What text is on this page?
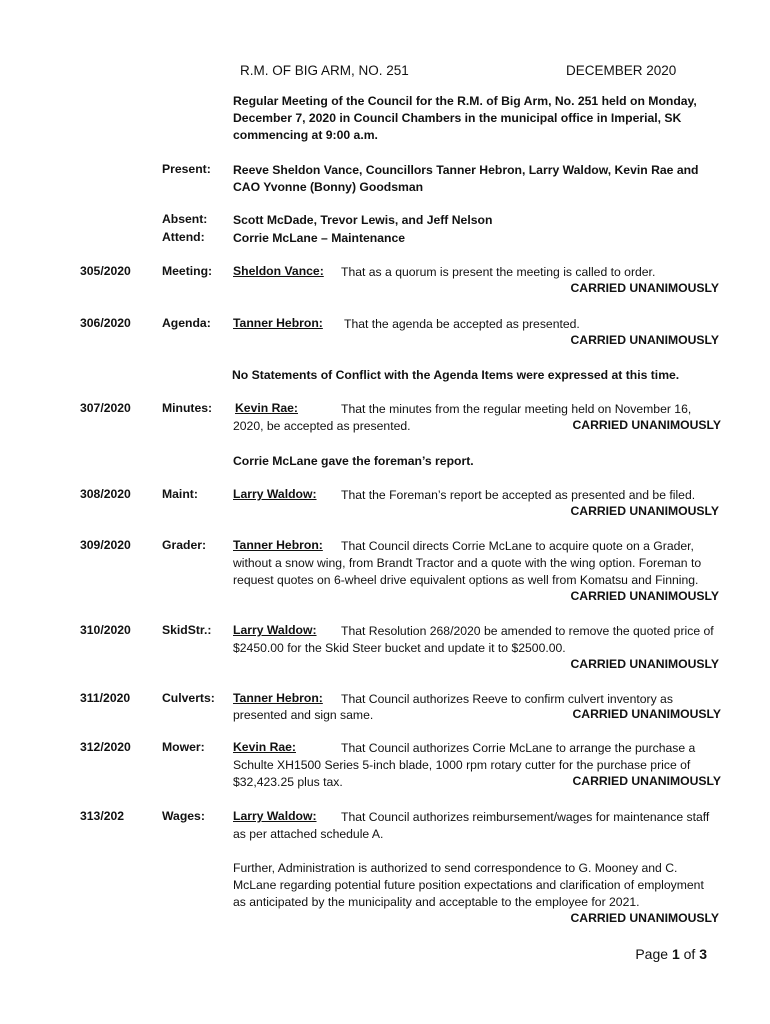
R.M. OF BIG ARM, NO. 251	DECEMBER 2020
Regular Meeting of the Council for the R.M. of Big Arm, No. 251 held on Monday,
December 7, 2020 in Council Chambers in the municipal office in Imperial, SK
commencing at 9:00 a.m.
Present: Reeve Sheldon Vance, Councillors Tanner Hebron, Larry Waldow, Kevin Rae and
CAO Yvonne (Bonny) Goodsman
Absent: Scott McDade, Trevor Lewis, and Jeff Nelson
Attend: Corrie McLane – Maintenance
305/2020	Meeting: Sheldon Vance: That as a quorum is present the meeting is called to order.
CARRIED UNANIMOUSLY
306/2020	Agenda: Tanner Hebron: That the agenda be accepted as presented.
CARRIED UNANIMOUSLY
No Statements of Conflict with the Agenda Items were expressed at this time.
307/2020	Minutes: Kevin Rae:	That the minutes from the regular meeting held on November 16,
2020, be accepted as presented.	CARRIED UNANIMOUSLY
Corrie McLane gave the foreman’s report.
308/2020	Maint:	Larry Waldow: That the Foreman’s report be accepted as presented and be filed.
CARRIED UNANIMOUSLY
309/2020	Grader: Tanner Hebron: That Council directs Corrie McLane to acquire quote on a Grader,
without a snow wing, from Brandt Tractor and a quote with the wing option. Foreman to
request quotes on 6-wheel drive equivalent options as well from Komatsu and Finning.
CARRIED UNANIMOUSLY
310/2020	SkidStr.: Larry Waldow: That Resolution 268/2020 be amended to remove the quoted price of
$2450.00 for the Skid Steer bucket and update it to $2500.00.
CARRIED UNANIMOUSLY
311/2020	Culverts: Tanner Hebron: That Council authorizes Reeve to confirm culvert inventory as
presented and sign same.	CARRIED UNANIMOUSLY
312/2020	Mower: Kevin Rae:	That Council authorizes Corrie McLane to arrange the purchase a
Schulte XH1500 Series 5-inch blade, 1000 rpm rotary cutter for the purchase price of
$32,423.25 plus tax.	CARRIED UNANIMOUSLY
313/202	Wages: Larry Waldow: That Council authorizes reimbursement/wages for maintenance staff
as per attached schedule A.
Further, Administration is authorized to send correspondence to G. Mooney and C.
McLane regarding potential future position expectations and clarification of employment
as anticipated by the municipality and acceptable to the employee for 2021.
CARRIED UNANIMOUSLY
Page 1 of 3
